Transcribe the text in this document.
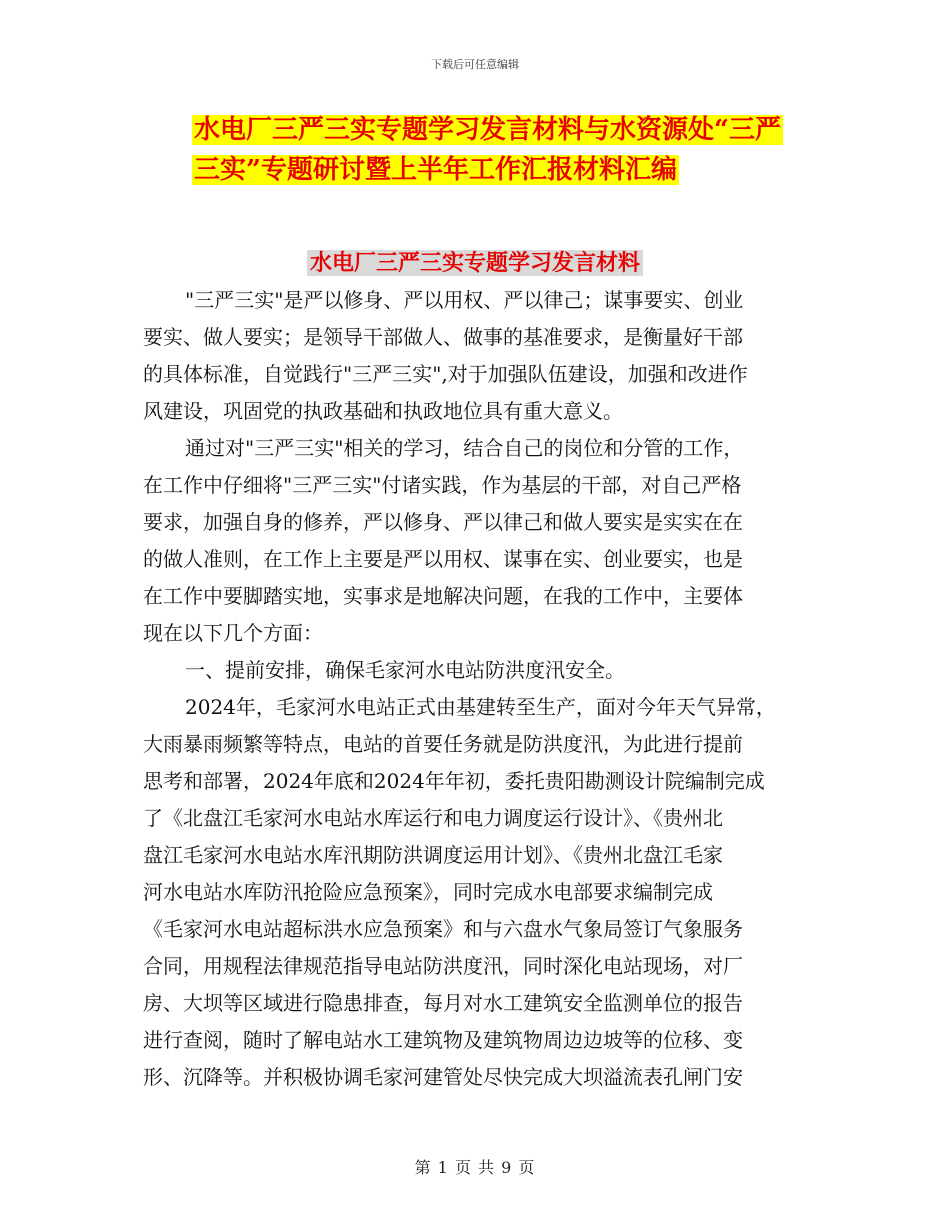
下载后可任意编辑
水电厂三严三实专题学习发言材料与水资源处“三严
三实”专题研讨暨上半年工作汇报材料汇编
水电厂三严三实专题学习发言材料
"三严三实"是严以修身、严以用权、严以律己；谋事要实、创业
要实、做人要实；是领导干部做人、做事的基准要求，是衡量好干部
的具体标准，自觉践行"三严三实",对于加强队伍建设，加强和改进作
风建设，巩固党的执政基础和执政地位具有重大意义。
通过对"三严三实"相关的学习，结合自己的岗位和分管的工作，
在工作中仔细将"三严三实"付诸实践，作为基层的干部，对自己严格
要求，加强自身的修养，严以修身、严以律己和做人要实是实实在在
的做人准则，在工作上主要是严以用权、谋事在实、创业要实，也是
在工作中要脚踏实地，实事求是地解决问题，在我的工作中，主要体
现在以下几个方面：
一、提前安排，确保毛家河水电站防洪度汛安全。
2024年，毛家河水电站正式由基建转至生产，面对今年天气异常，
大雨暴雨频繁等特点，电站的首要任务就是防洪度汛，为此进行提前
思考和部署，2024年底和2024年年初，委托贵阳勘测设计院编制完成
了《北盘江毛家河水电站水库运行和电力调度运行设计》、《贵州北
盘江毛家河水电站水库汛期防洪调度运用计划》、《贵州北盘江毛家
河水电站水库防汛抢险应急预案》，同时完成水电部要求编制完成
《毛家河水电站超标洪水应急预案》和与六盘水气象局签订气象服务
合同，用规程法律规范指导电站防洪度汛，同时深化电站现场，对厂
房、大坝等区域进行隐患排查，每月对水工建筑安全监测单位的报告
进行查阅，随时了解电站水工建筑物及建筑物周边边坡等的位移、变
形、沉降等。并积极协调毛家河建管处尽快完成大坝溢流表孔闸门安
第 1 页 共 9 页
